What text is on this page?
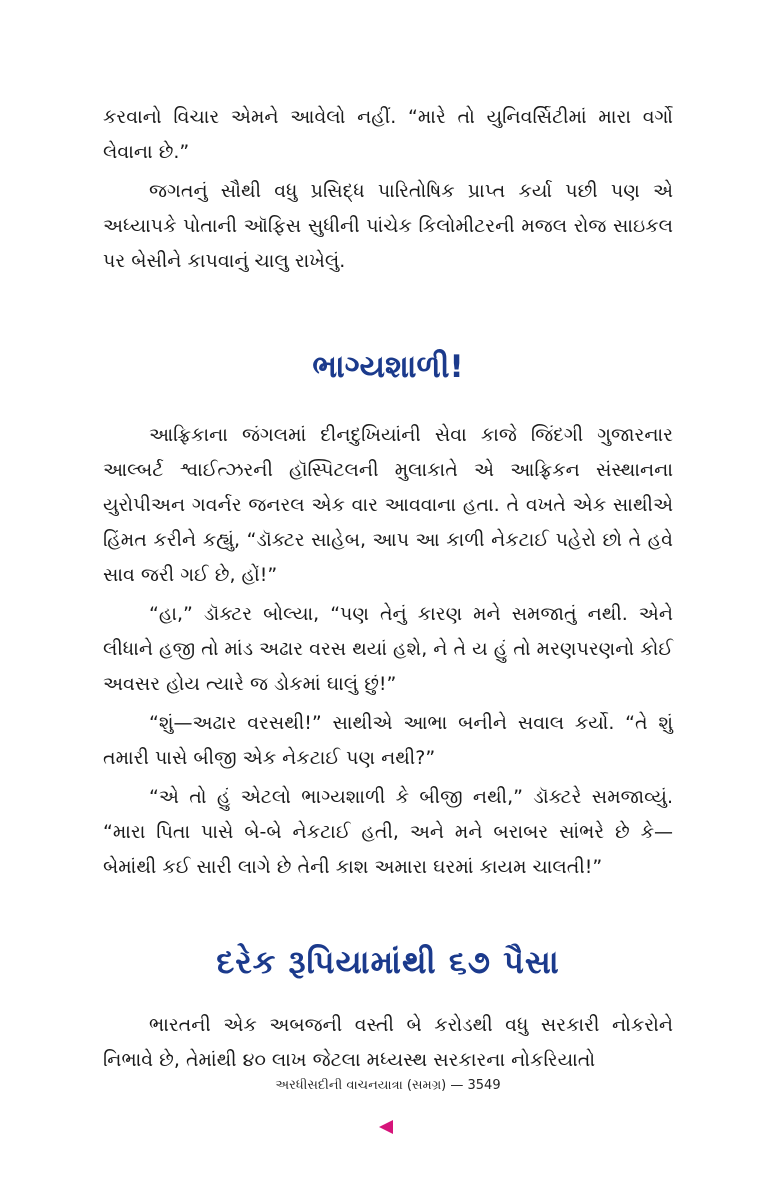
કરવાનો વિચાર એમને આવેલો નહીં. “મારે તો યુનિવર્સિટીમાં મારા વર્ગો લેવાના છે.”

જગતનું સૌથી વધુ પ્રસિદ્ધ પારિતોષિક પ્રાપ્ત કર્યા પછી પણ એ અધ્યાપકે પોતાની ઑફિસ સુધીની પાંચેક કિલોમીટરની મજલ રોજ સાઇકલ પર બેસીને કાપવાનું ચાલુ રાખેલું.

ભાગ્યશાળી!

આફ્રિકાના જંગલમાં દીનદુખિયાંની સેવા કાજે જિંદગી ગુજારનાર આલ્બર્ટ શ્વાઈત્ઝરની હૉસ્પિટલની મુલાકાતે એ આફ્રિકન સંસ્થાનના યુરોપીઅન ગવર્નર જનરલ એક વાર આવવાના હતા. તે વખતે એક સાથીએ હિંમત કરીને કહ્યું, “ડૉક્ટર સાહેબ, આપ આ કાળી નેકટાઈ પહેરો છો તે હવે સાવ જરી ગઈ છે, હોં!”

“હા,” ડૉક્ટર બોલ્યા, “પણ તેનું કારણ મને સમજાતું નથી. એને લીધાને હજી તો માંડ અઢાર વરસ થયાં હશે, ને તે ય હું તો મરણપરણનો કોઈ અવસર હોય ત્યારે જ ડોકમાં ઘાલું છું!”

“શું—અઢાર વરસથી!” સાથીએ આભા બનીને સવાલ કર્યો. “તે શું તમારી પાસે બીજી એક નેકટાઈ પણ નથી?”

“એ તો હું એટલો ભાગ્યશાળી કે બીજી નથી,” ડૉક્ટરે સમજાવ્યું. “મારા પિતા પાસે બે-બે નેકટાઈ હતી, અને મને બરાબર સાંભરે છે કે—બેમાંથી કઈ સારી લાગે છે તેની કાશ અમારા ઘરમાં કાયમ ચાલતી!”

દરેક રૂપિયામાંથી ૬૭ પૈસા

ભારતની એક અબજની વસ્તી બે કરોડથી વધુ સરકારી નોકરોને નિભાવે છે, તેમાંથી ૪૦ લાખ જેટલા મધ્યસ્થ સરકારના નોકરિયાતો

અરધીસદીની વાચનયાત્રા (સમગ્ર) — 3549
